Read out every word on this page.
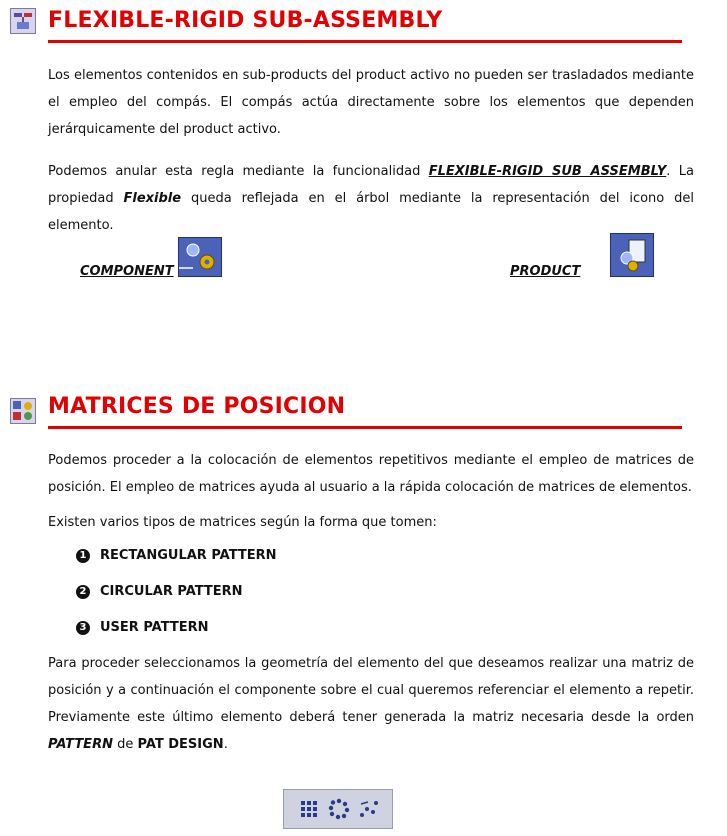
FLEXIBLE-RIGID SUB-ASSEMBLY

Los elementos contenidos en sub-products del product activo no pueden ser trasladados mediante el empleo del compás. El compás actúa directamente sobre los elementos que dependen jerárquicamente del product activo.

Podemos anular esta regla mediante la funcionalidad FLEXIBLE-RIGID SUB ASSEMBLY. La propiedad Flexible queda reflejada en el árbol mediante la representación del icono del elemento.

COMPONENT	PRODUCT
MATRICES DE POSICION

Podemos proceder a la colocación de elementos repetitivos mediante el empleo de matrices de posición. El empleo de matrices ayuda al usuario a la rápida colocación de matrices de elementos.

Existen varios tipos de matrices según la forma que tomen:

1 RECTANGULAR PATTERN
2 CIRCULAR PATTERN
3 USER PATTERN

Para proceder seleccionamos la geometría del elemento del que deseamos realizar una matriz de posición y a continuación el componente sobre el cual queremos referenciar el elemento a repetir. Previamente este último elemento deberá tener generada la matriz necesaria desde la orden PATTERN de PAT DESIGN.
